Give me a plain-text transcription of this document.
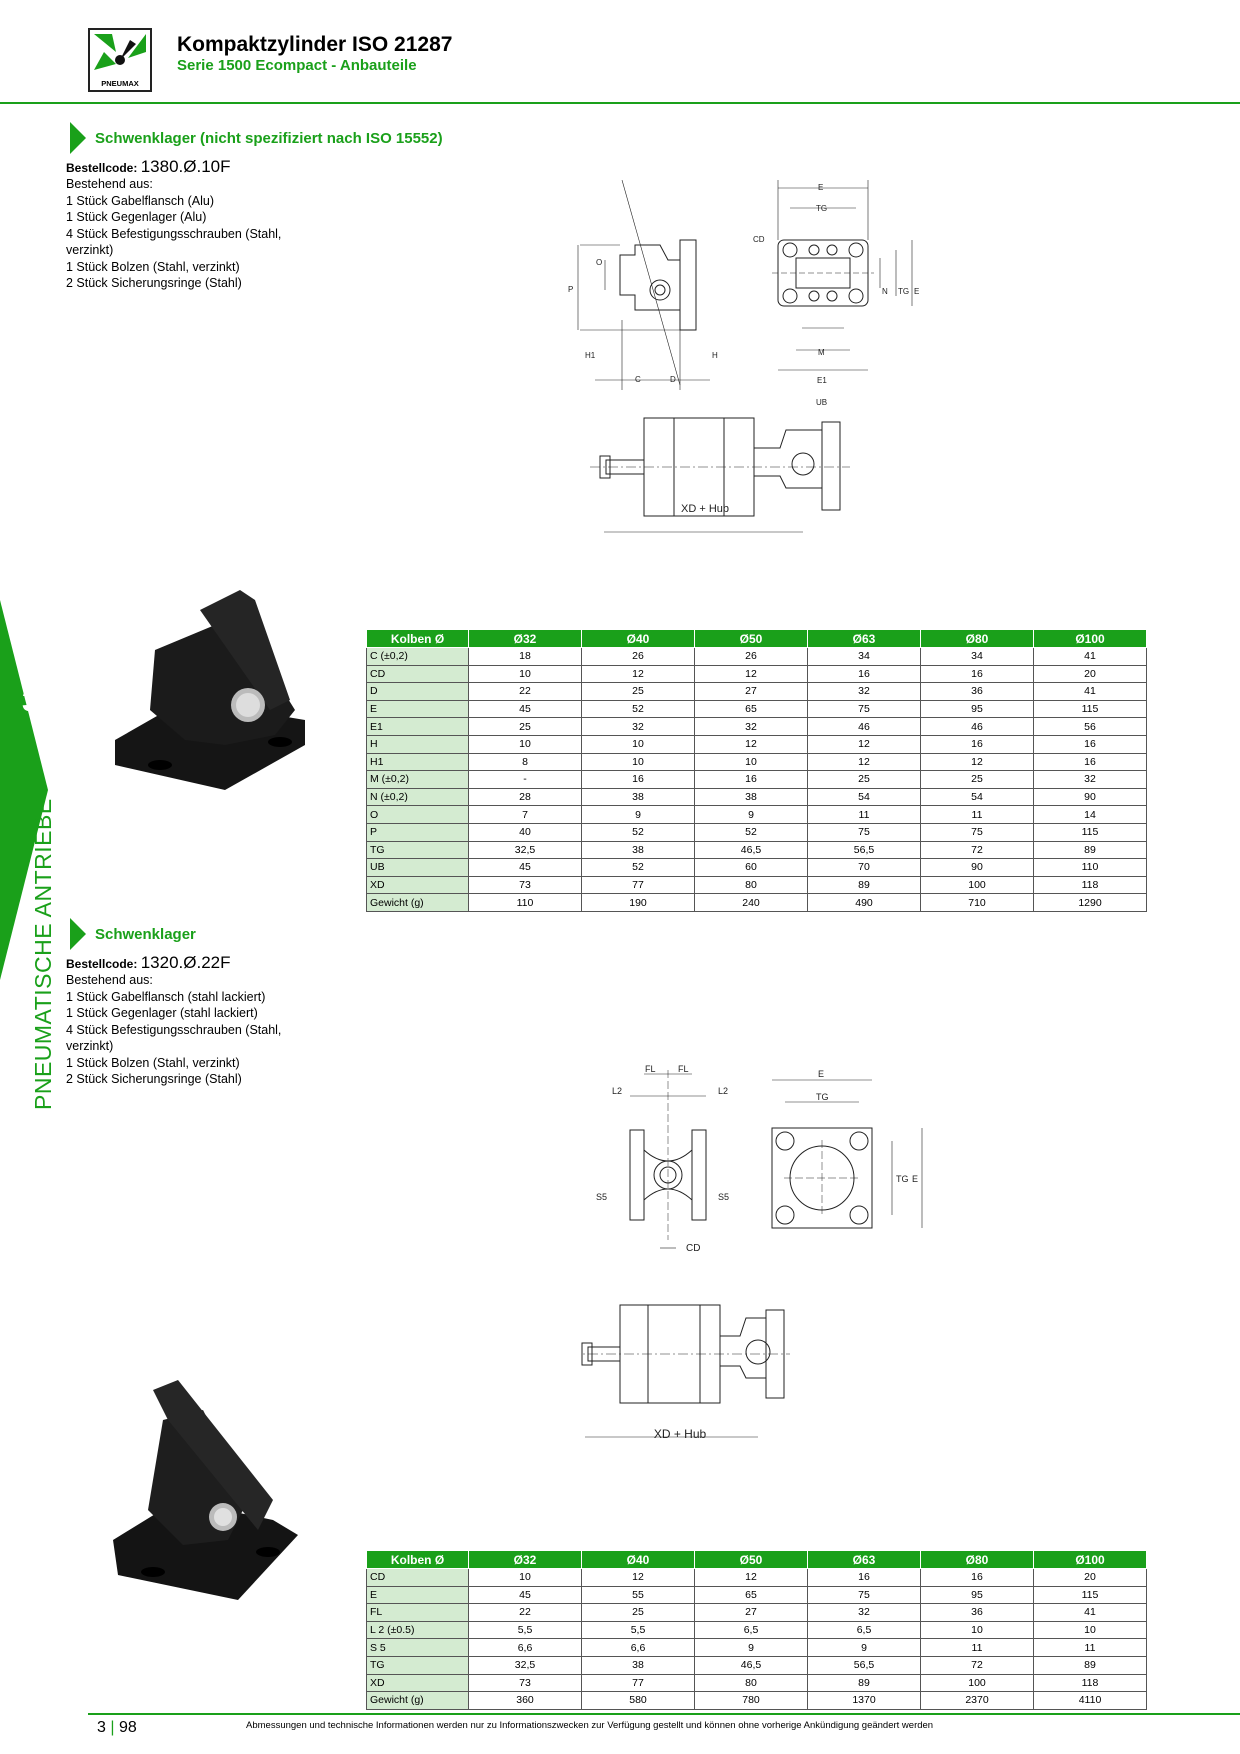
PNEUMAX
Kompaktzylinder ISO 21287
Serie 1500 Ecompact - Anbauteile
3
PNEUMATISCHE ANTRIEBE
Schwenklager (nicht spezifiziert nach ISO 15552)
Bestellcode: 1380.Ø.10F
Bestehend aus:
1 Stück Gabelflansch (Alu)
1 Stück Gegenlager (Alu)
4 Stück Befestigungsschrauben (Stahl, verzinkt)
1 Stück Bolzen (Stahl, verzinkt)
2 Stück Sicherungsringe (Stahl)	P
O
H1	H
C	D
E
TG
CD
N TG E
M
E1
UB
XD + Hub
Kolben Ø	Ø32	Ø40	Ø50	Ø63	Ø80	Ø100
C (±0,2)	18	26	26	34	34	41
CD	10	12	12	16	16	20
D	22	25	27	32	36	41
E	45	52	65	75	95	115
E1	25	32	32	46	46	56
H	10	10	12	12	16	16
H1	8	10	10	12	12	16
M (±0,2)	-	16	16	25	25	32
N (±0,2)	28	38	38	54	54	90
O	7	9	9	11	11	14
P	40	52	52	75	75	115
TG	32,5	38	46,5	56,5	72	89
UB	45	52	60	70	90	110
XD	73	77	80	89	100	118
Gewicht (g)	110	190	240	490	710	1290
Schwenklager
Bestellcode: 1320.Ø.22F
Bestehend aus:
1 Stück Gabelflansch (stahl lackiert)
1 Stück Gegenlager (stahl lackiert)
4 Stück Befestigungsschrauben (Stahl, verzinkt)
1 Stück Bolzen (Stahl, verzinkt)
2 Stück Sicherungsringe (Stahl)
FL FL
L2	L2
S5	S5
CD
E
TG
TG E
XD + Hub
Kolben Ø	Ø32	Ø40	Ø50	Ø63	Ø80	Ø100
CD	10	12	12	16	16	20
E	45	55	65	75	95	115
FL	22	25	27	32	36	41
L 2 (±0.5)	5,5	5,5	6,5	6,5	10	10
S 5	6,6	6,6	9	9	11	11
TG	32,5	38	46,5	56,5	72	89
XD	73	77	80	89	100	118
Gewicht (g)	360	580	780	1370	2370	4110
3 | 98	Abmessungen und technische Informationen werden nur zu Informationszwecken zur Verfügung gestellt und können ohne vorherige Ankündigung geändert werden
